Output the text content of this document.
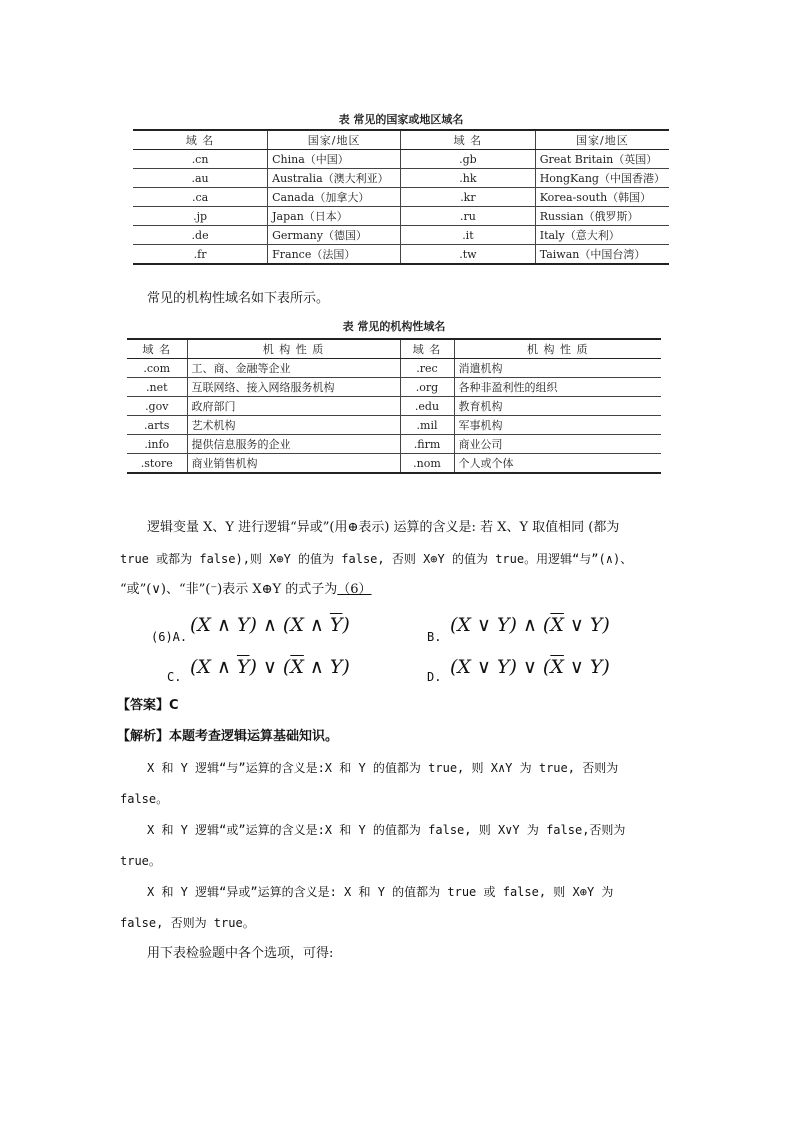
表 常见的国家或地区域名
域 名	国家/地区	域 名	国家/地区
.cn	China（中国）	.gb	Great Britain（英国）
.au	Australia（澳大利亚）	.hk	HongKang（中国香港）
.ca	Canada（加拿大）	.kr	Korea-south（韩国）
.jp	Japan（日本）	.ru	Russian（俄罗斯）
.de	Germany（德国）	.it	Italy（意大利）
.fr	France（法国）	.tw	Taiwan（中国台湾）
常见的机构性域名如下表所示。
表 常见的机构性域名
域 名	机 构 性 质	域 名	机 构 性 质
.com	工、商、金融等企业	.rec	消遣机构
.net	互联网络、接入网络服务机构	.org	各种非盈利性的组织
.gov	政府部门	.edu	教育机构
.arts	艺术机构	.mil	军事机构
.info	提供信息服务的企业	.firm	商业公司
.store	商业销售机构	.nom	个人或个体
逻辑变量 X、Y 进行逻辑“异或”(用⊕表示) 运算的含义是: 若 X、Y 取值相同 (都为
true 或都为 false),则 X⊕Y 的值为 false, 否则 X⊕Y 的值为 true。用逻辑“与”(∧)、
“或”(∨)、“非”(⁻)表示 X⊕Y 的式子为（6）
(6)A.
(X ∧ Y) ∧ (X ∧ $\overline{Y}$)
B.
(X ∨ Y) ∧ ($\overline{X}$ ∨ Y)
C. (X ∧ $\overline{Y}$) ∨ ($\overline{X}$ ∧ Y)	D. (X ∨ Y) ∨ ($\overline{X}$ ∨ Y)
【答案】C
【解析】本题考查逻辑运算基础知识。
X 和 Y 逻辑“与”运算的含义是:X 和 Y 的值都为 true, 则 X∧Y 为 true, 否则为
false。
X 和 Y 逻辑“或”运算的含义是:X 和 Y 的值都为 false, 则 X∨Y 为 false,否则为
true。
X 和 Y 逻辑“异或”运算的含义是: X 和 Y 的值都为 true 或 false, 则 X⊕Y 为
false, 否则为 true。
用下表检验题中各个选项，可得:
